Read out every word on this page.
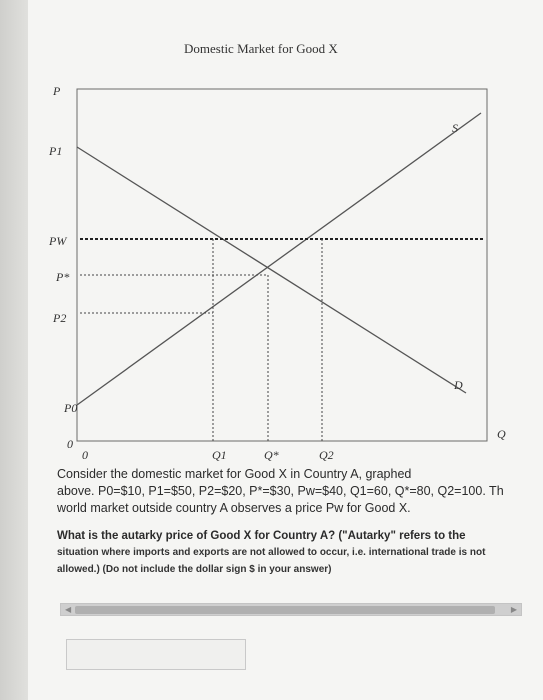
Domestic Market for Good X
P
Q
P1
PW
P*
P2
P0
0
0	Q1	Q*	Q2
S
D
Consider the domestic market for Good X in Country A, graphed
above. P0=$10, P1=$50, P2=$20, P*=$30, Pw=$40, Q1=60, Q*=80, Q2=100. Th
world market outside country A observes a price Pw for Good X.
What is the autarky price of Good X for Country A? ("Autarky" refers to the
situation where imports and exports are not allowed to occur, i.e. international trade is not
allowed.) (Do not include the dollar sign $ in your answer)
◀	▶
